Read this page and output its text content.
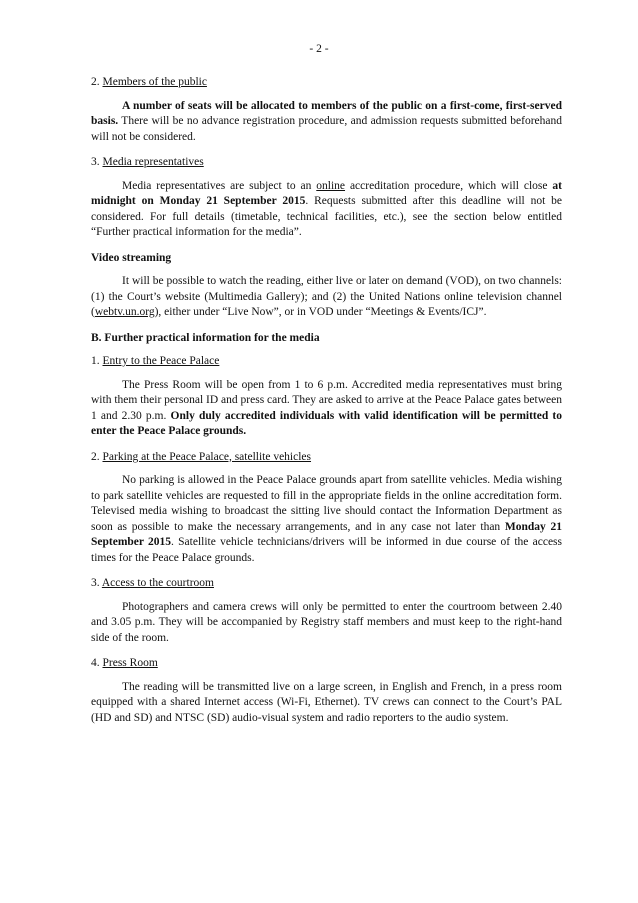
- 2 -

2. Members of the public

A number of seats will be allocated to members of the public on a first-come, first-served basis. There will be no advance registration procedure, and admission requests submitted beforehand will not be considered.

3. Media representatives

Media representatives are subject to an online accreditation procedure, which will close at midnight on Monday 21 September 2015. Requests submitted after this deadline will not be considered. For full details (timetable, technical facilities, etc.), see the section below entitled “Further practical information for the media”.

Video streaming

It will be possible to watch the reading, either live or later on demand (VOD), on two channels: (1) the Court’s website (Multimedia Gallery); and (2) the United Nations online television channel (webtv.un.org), either under “Live Now”, or in VOD under “Meetings & Events/ICJ”.

B. Further practical information for the media

1. Entry to the Peace Palace

The Press Room will be open from 1 to 6 p.m. Accredited media representatives must bring with them their personal ID and press card. They are asked to arrive at the Peace Palace gates between 1 and 2.30 p.m. Only duly accredited individuals with valid identification will be permitted to enter the Peace Palace grounds.

2. Parking at the Peace Palace, satellite vehicles

No parking is allowed in the Peace Palace grounds apart from satellite vehicles. Media wishing to park satellite vehicles are requested to fill in the appropriate fields in the online accreditation form. Televised media wishing to broadcast the sitting live should contact the Information Department as soon as possible to make the necessary arrangements, and in any case not later than Monday 21 September 2015. Satellite vehicle technicians/drivers will be informed in due course of the access times for the Peace Palace grounds.

3. Access to the courtroom

Photographers and camera crews will only be permitted to enter the courtroom between 2.40 and 3.05 p.m. They will be accompanied by Registry staff members and must keep to the right-hand side of the room.

4. Press Room

The reading will be transmitted live on a large screen, in English and French, in a press room equipped with a shared Internet access (Wi-Fi, Ethernet). TV crews can connect to the Court’s PAL (HD and SD) and NTSC (SD) audio-visual system and radio reporters to the audio system.
